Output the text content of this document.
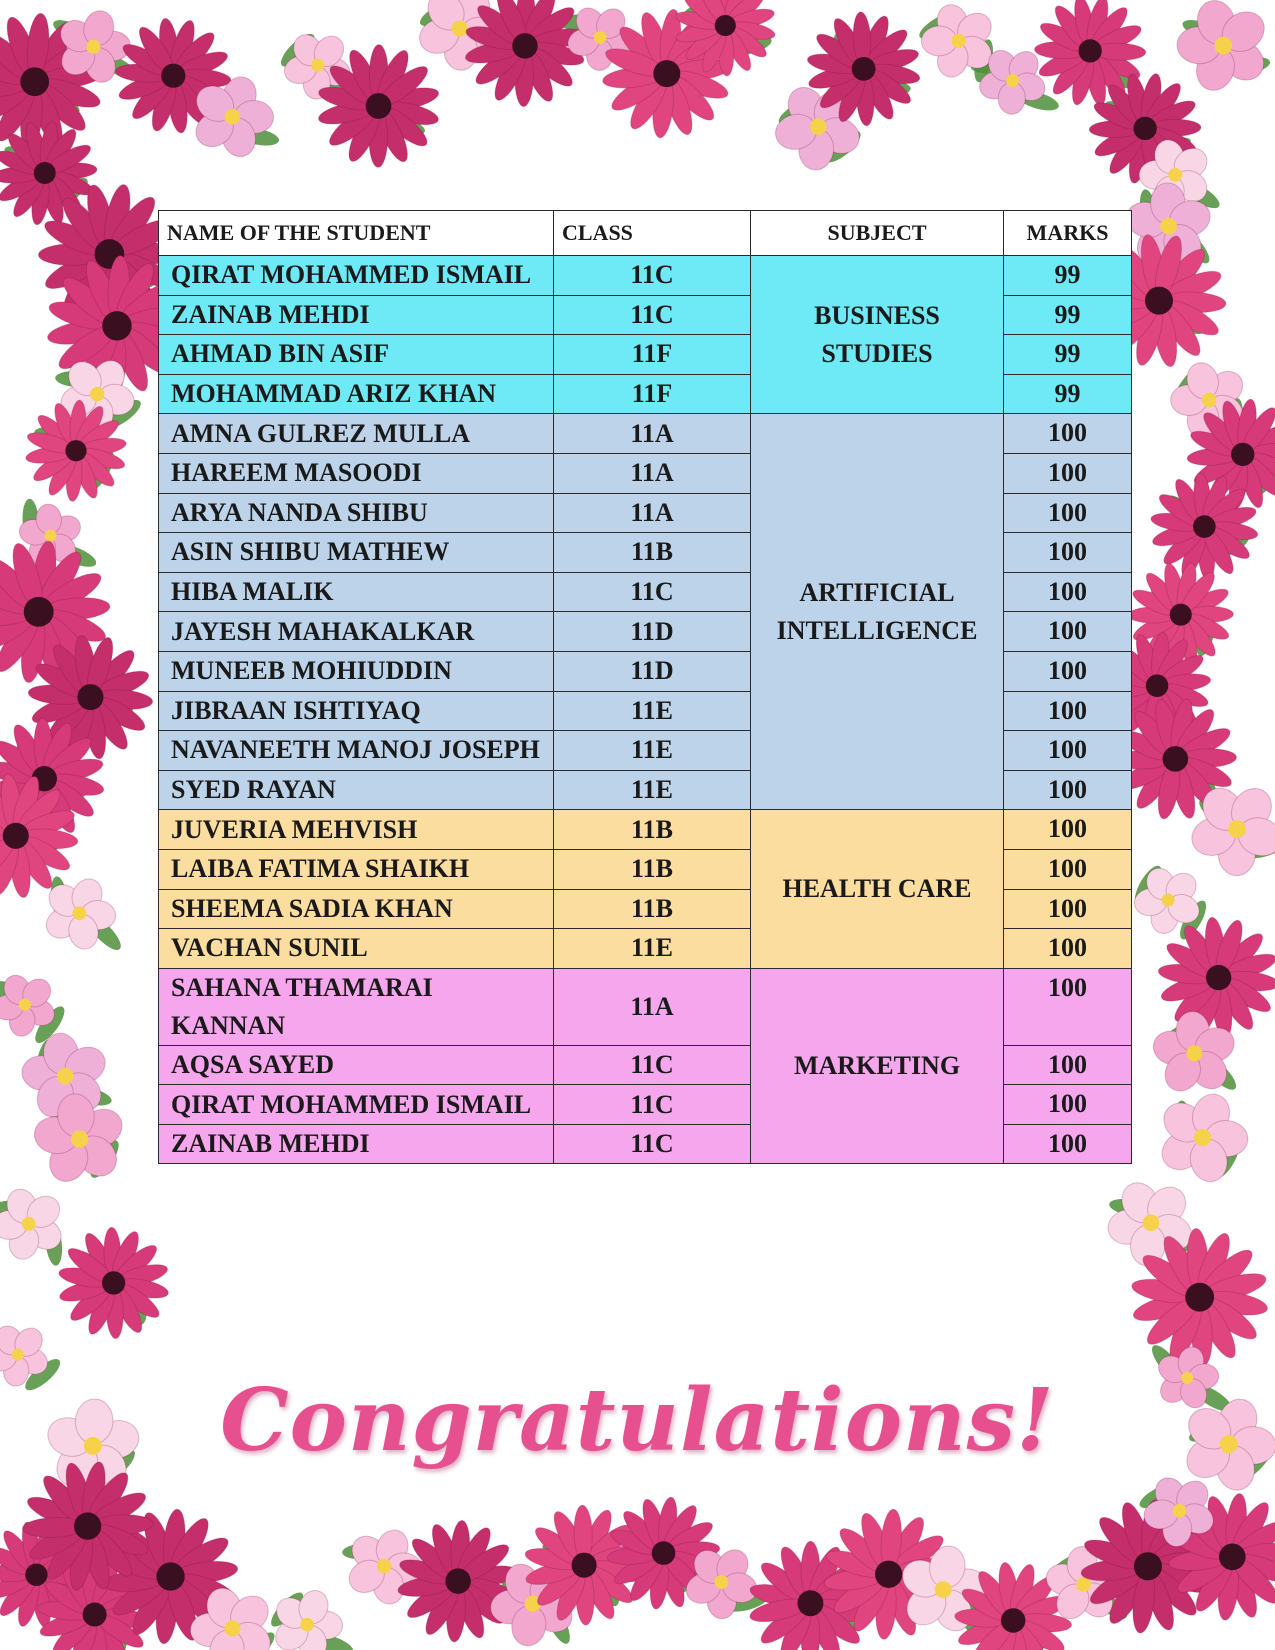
NAME OF THE STUDENT	CLASS	SUBJECT	MARKS
QIRAT MOHAMMED ISMAIL	11C	BUSINESS STUDIES	99
ZAINAB MEHDI	11C		99
AHMAD BIN ASIF	11F		99
MOHAMMAD ARIZ KHAN	11F		99
AMNA GULREZ MULLA	11A	ARTIFICIAL INTELLIGENCE	100
HAREEM MASOODI	11A		100
ARYA NANDA SHIBU	11A		100
ASIN SHIBU MATHEW	11B		100
HIBA MALIK	11C		100
JAYESH MAHAKALKAR	11D		100
MUNEEB MOHIUDDIN	11D		100
JIBRAAN ISHTIYAQ	11E		100
NAVANEETH MANOJ JOSEPH	11E		100
SYED RAYAN	11E		100
JUVERIA MEHVISH	11B	HEALTH CARE	100
LAIBA FATIMA SHAIKH	11B		100
SHEEMA SADIA KHAN	11B		100
VACHAN SUNIL	11E		100
SAHANA THAMARAI KANNAN	11A	MARKETING	100
AQSA SAYED	11C		100
QIRAT MOHAMMED ISMAIL	11C		100
ZAINAB MEHDI	11C		100
Congratulations!
